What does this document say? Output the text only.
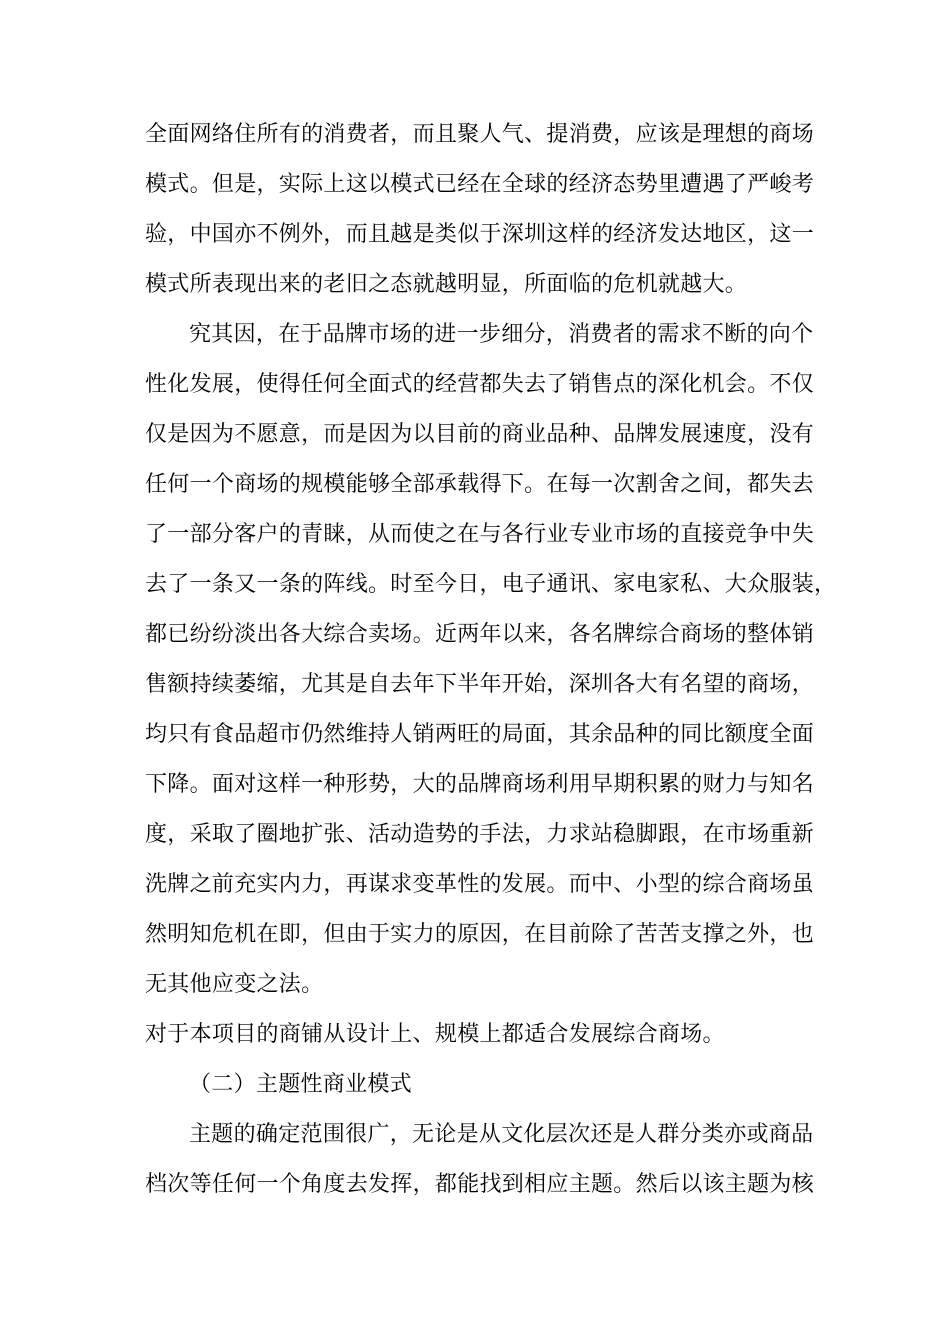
全面网络住所有的消费者，而且聚人气、提消费，应该是理想的商场
模式。但是，实际上这以模式已经在全球的经济态势里遭遇了严峻考
验，中国亦不例外，而且越是类似于深圳这样的经济发达地区，这一
模式所表现出来的老旧之态就越明显，所面临的危机就越大。
究其因，在于品牌市场的进一步细分，消费者的需求不断的向个
性化发展，使得任何全面式的经营都失去了销售点的深化机会。不仅
仅是因为不愿意，而是因为以目前的商业品种、品牌发展速度，没有
任何一个商场的规模能够全部承载得下。在每一次割舍之间，都失去
了一部分客户的青睐，从而使之在与各行业专业市场的直接竞争中失
去了一条又一条的阵线。时至今日，电子通讯、家电家私、大众服装，
都已纷纷淡出各大综合卖场。近两年以来，各名牌综合商场的整体销
售额持续萎缩，尤其是自去年下半年开始，深圳各大有名望的商场，
均只有食品超市仍然维持人销两旺的局面，其余品种的同比额度全面
下降。面对这样一种形势，大的品牌商场利用早期积累的财力与知名
度，采取了圈地扩张、活动造势的手法，力求站稳脚跟，在市场重新
洗牌之前充实内力，再谋求变革性的发展。而中、小型的综合商场虽
然明知危机在即，但由于实力的原因，在目前除了苦苦支撑之外，也
无其他应变之法。
对于本项目的商铺从设计上、规模上都适合发展综合商场。
（二）主题性商业模式
主题的确定范围很广，无论是从文化层次还是人群分类亦或商品
档次等任何一个角度去发挥，都能找到相应主题。然后以该主题为核
